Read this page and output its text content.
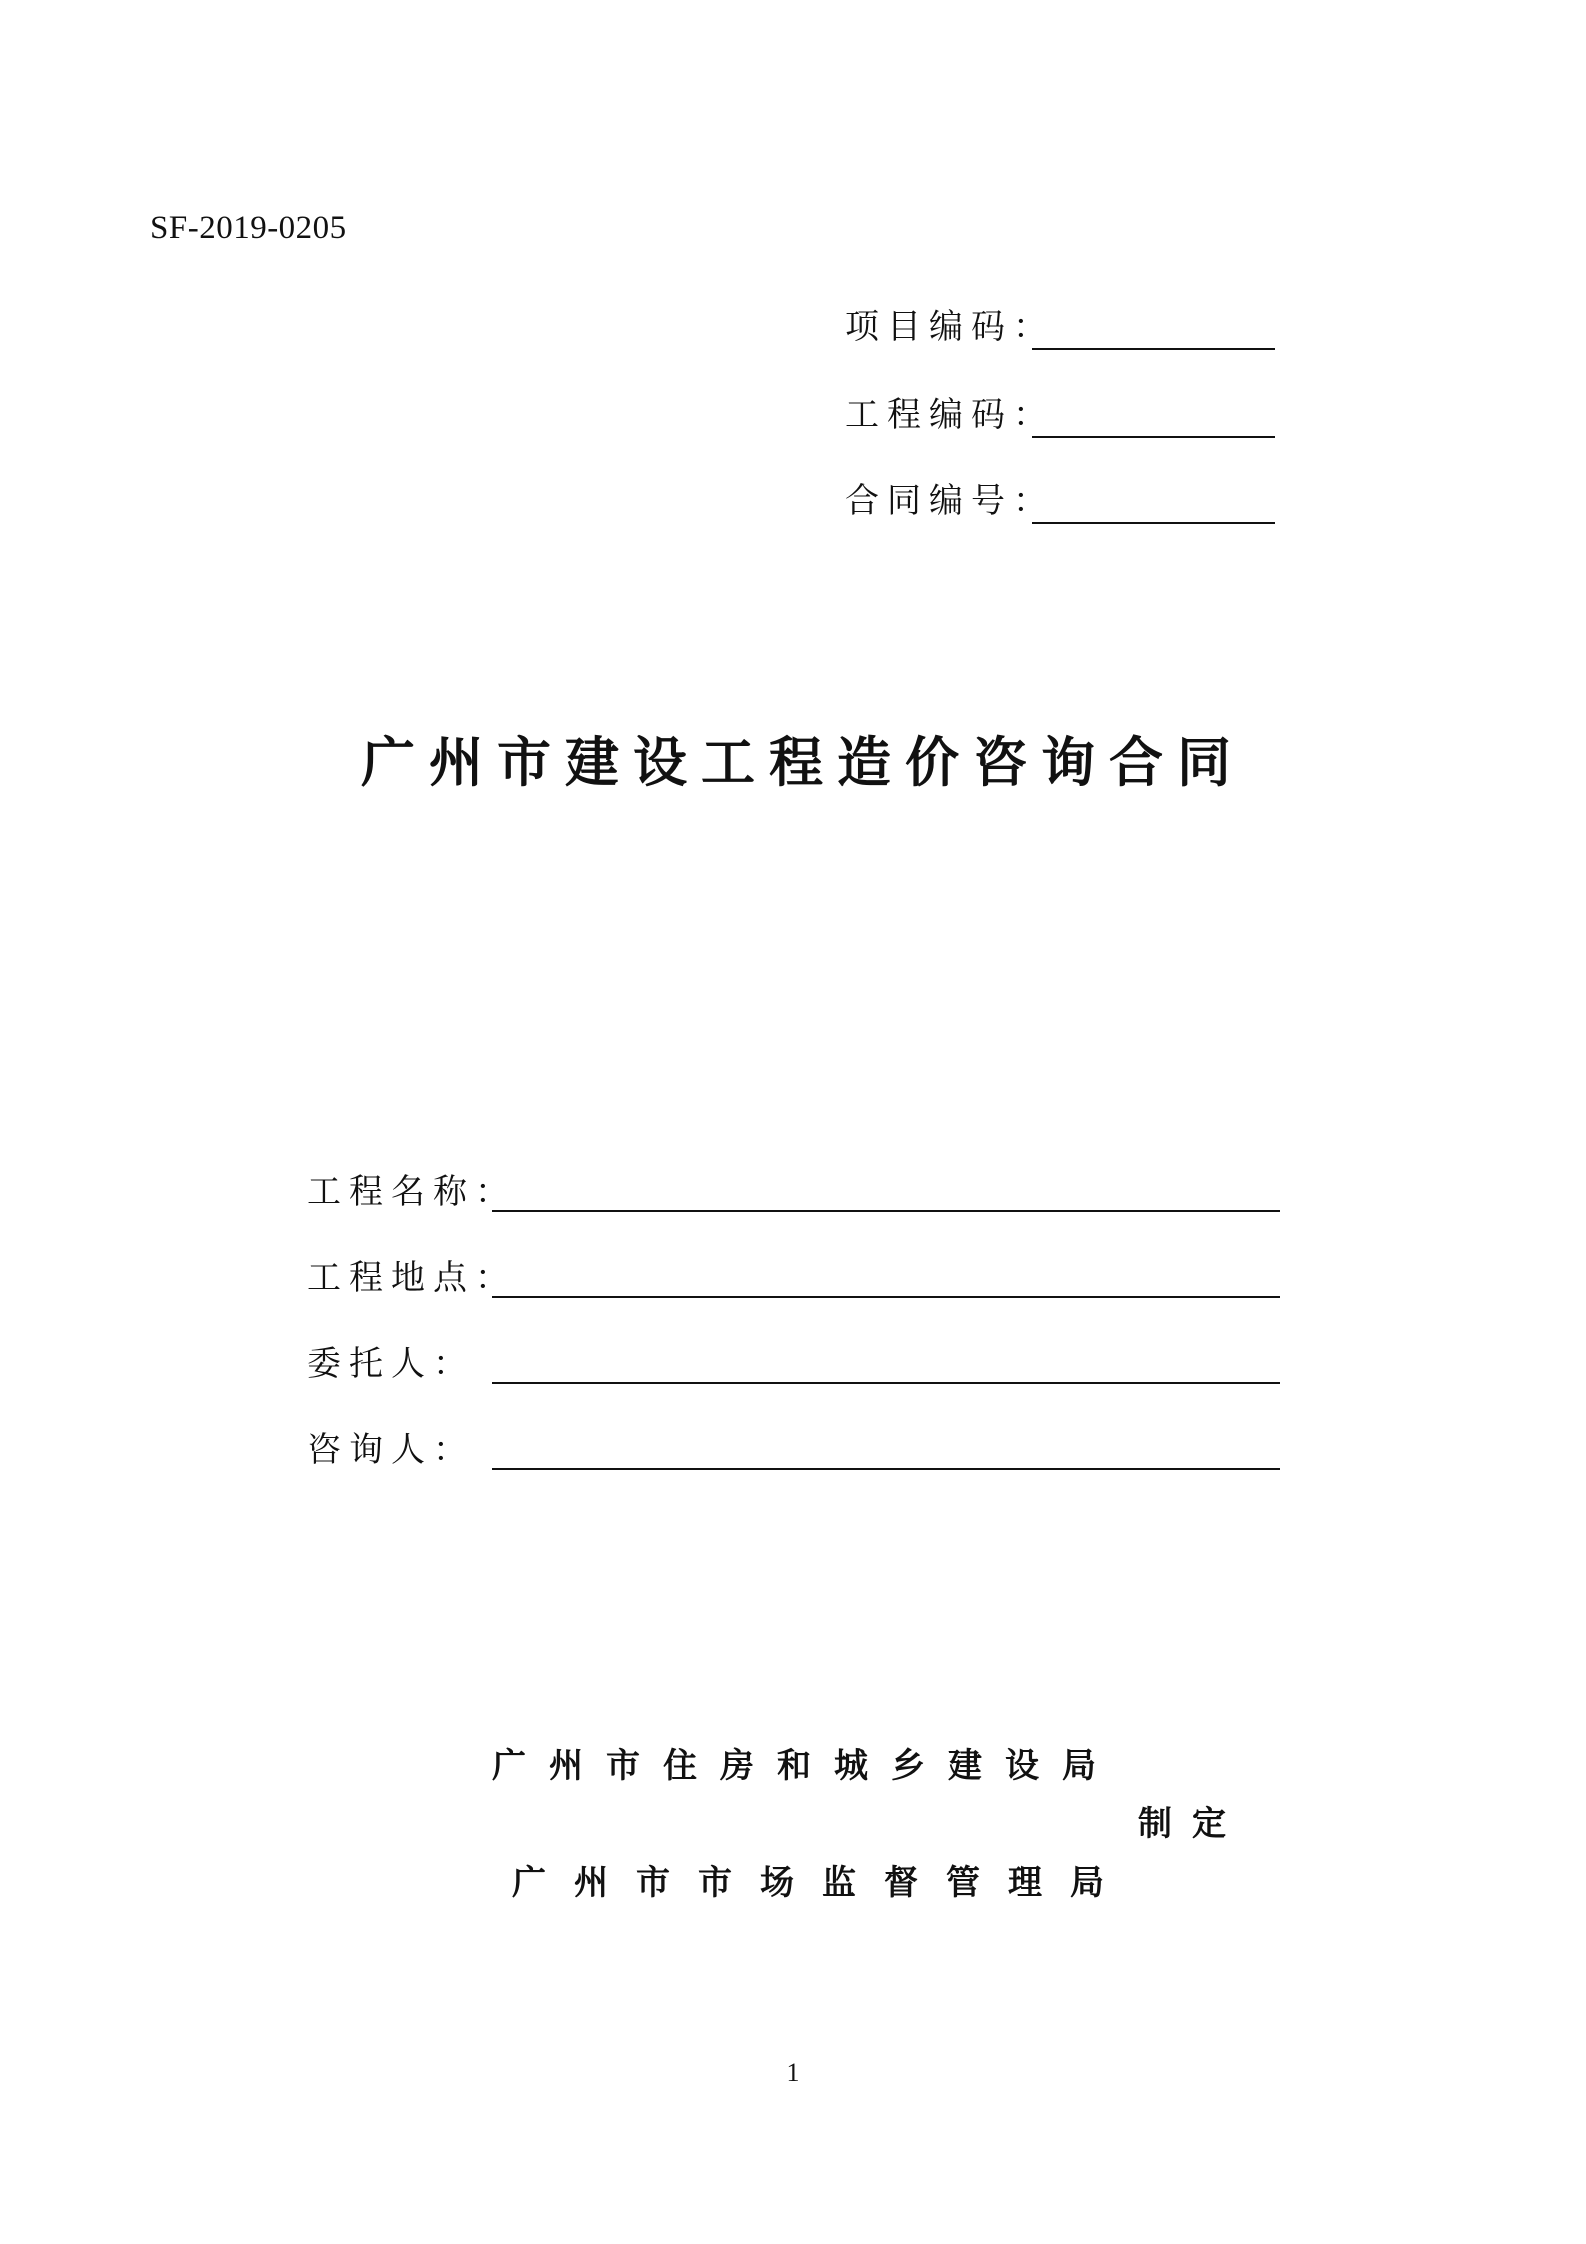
SF-2019-0205
项目编码：
工程编码：
合同编号：
广州市建设工程造价咨询合同
工程名称：
工程地点：
委托人：
咨询人：
广州市住房和城乡建设局
制定
广州市市场监督管理局
1
